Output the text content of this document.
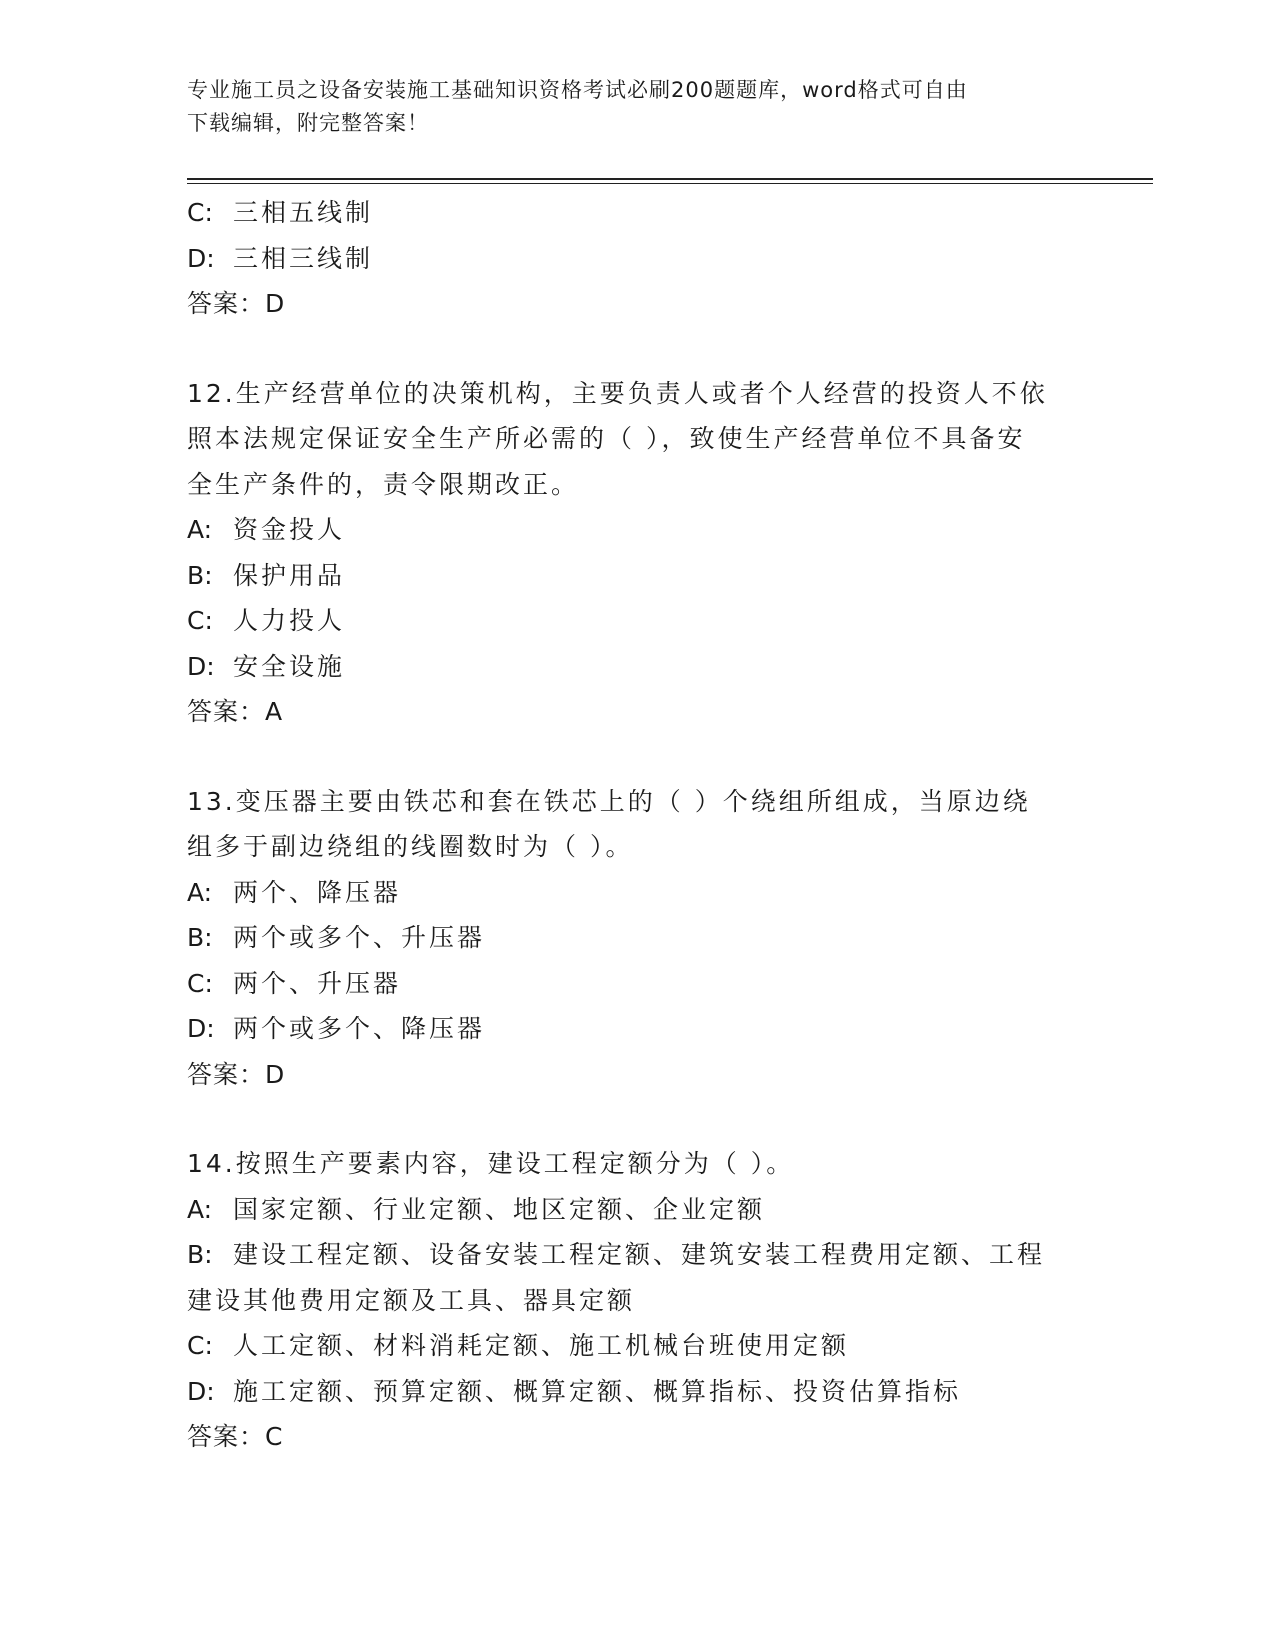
专业施工员之设备安装施工基础知识资格考试必刷200题题库，word格式可自由
下载编辑，附完整答案！
C: 三相五线制
D: 三相三线制
答案：D
12.生产经营单位的决策机构，主要负责人或者个人经营的投资人不依
照本法规定保证安全生产所必需的（ ），致使生产经营单位不具备安
全生产条件的，责令限期改正。
A: 资金投人
B: 保护用品
C: 人力投人
D: 安全设施
答案：A
13.变压器主要由铁芯和套在铁芯上的（ ）个绕组所组成，当原边绕
组多于副边绕组的线圈数时为（ ）。
A: 两个、降压器
B: 两个或多个、升压器
C: 两个、升压器
D: 两个或多个、降压器
答案：D
14.按照生产要素内容，建设工程定额分为（ ）。
A: 国家定额、行业定额、地区定额、企业定额
B: 建设工程定额、设备安装工程定额、建筑安装工程费用定额、工程
建设其他费用定额及工具、器具定额
C: 人工定额、材料消耗定额、施工机械台班使用定额
D: 施工定额、预算定额、概算定额、概算指标、投资估算指标
答案：C
